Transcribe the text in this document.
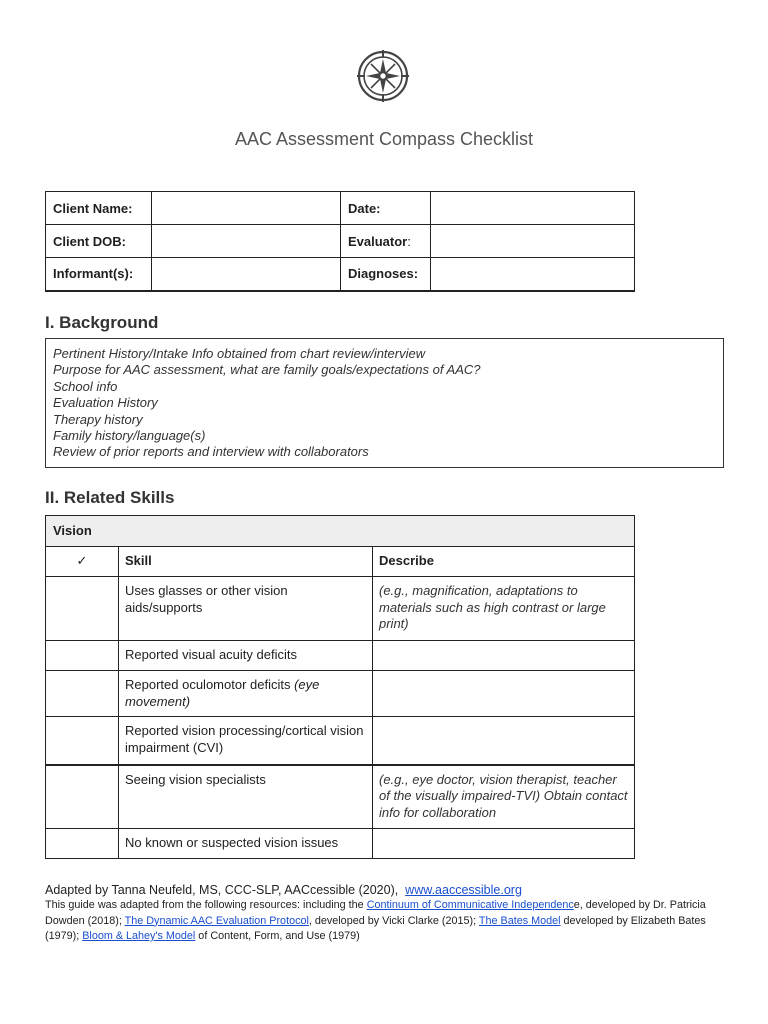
AAC Assessment Compass Checklist
Client Name:		Date:	
Client DOB:		Evaluator:	
Informant(s):		Diagnoses:	
I. Background
Pertinent History/Intake Info obtained from chart review/interview
Purpose for AAC assessment, what are family goals/expectations of AAC?
School info
Evaluation History
Therapy history
Family history/language(s)
Review of prior reports and interview with collaborators
II. Related Skills
Vision		
✓	Skill	Describe
	Uses glasses or other vision aids/supports	(e.g., magnification, adaptations to materials such as high contrast or large print)
	Reported visual acuity deficits	
	Reported oculomotor deficits (eye movement)	
	Reported vision processing/cortical vision impairment (CVI)	
	Seeing vision specialists	(e.g., eye doctor, vision therapist, teacher of the visually impaired-TVI) Obtain contact info for collaboration
	No known or suspected vision issues	
Adapted by Tanna Neufeld, MS, CCC-SLP, AACcessible (2020), www.aaccessible.org
This guide was adapted from the following resources: including the Continuum of Communicative Independence, developed by Dr. Patricia Dowden (2018); The Dynamic AAC Evaluation Protocol, developed by Vicki Clarke (2015); The Bates Model developed by Elizabeth Bates (1979); Bloom & Lahey's Model of Content, Form, and Use (1979)
